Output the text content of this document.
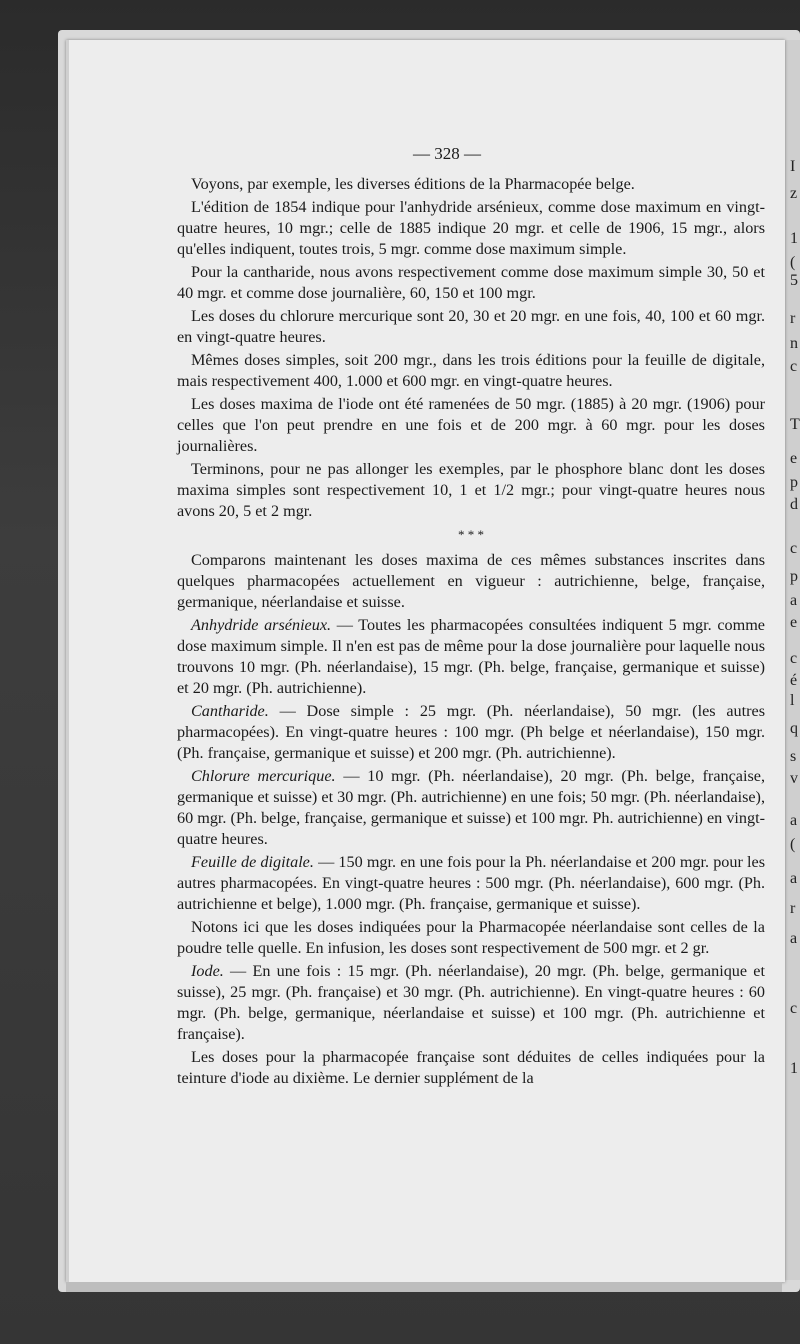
I
z
1
(
5
r
n
c
T
e
p
d
c
p
a
e
c
é
l
q
s
v
a
(
a
r
a
c
1
— 328 —

Voyons, par exemple, les diverses éditions de la Pharmacopée belge.

L'édition de 1854 indique pour l'anhydride arsénieux, comme dose maximum en vingt-quatre heures, 10 mgr.; celle de 1885 indique 20 mgr. et celle de 1906, 15 mgr., alors qu'elles indiquent, toutes trois, 5 mgr. comme dose maximum simple.

Pour la cantharide, nous avons respectivement comme dose maximum simple 30, 50 et 40 mgr. et comme dose journalière, 60, 150 et 100 mgr.

Les doses du chlorure mercurique sont 20, 30 et 20 mgr. en une fois, 40, 100 et 60 mgr. en vingt-quatre heures.

Mêmes doses simples, soit 200 mgr., dans les trois éditions pour la feuille de digitale, mais respectivement 400, 1.000 et 600 mgr. en vingt-quatre heures.

Les doses maxima de l'iode ont été ramenées de 50 mgr. (1885) à 20 mgr. (1906) pour celles que l'on peut prendre en une fois et de 200 mgr. à 60 mgr. pour les doses journalières.

Terminons, pour ne pas allonger les exemples, par le phosphore blanc dont les doses maxima simples sont respectivement 10, 1 et 1/2 mgr.; pour vingt-quatre heures nous avons 20, 5 et 2 mgr.

* * *

Comparons maintenant les doses maxima de ces mêmes substances inscrites dans quelques pharmacopées actuellement en vigueur : autrichienne, belge, française, germanique, néerlandaise et suisse.

Anhydride arsénieux. — Toutes les pharmacopées consultées indiquent 5 mgr. comme dose maximum simple. Il n'en est pas de même pour la dose journalière pour laquelle nous trouvons 10 mgr. (Ph. néerlandaise), 15 mgr. (Ph. belge, française, germanique et suisse) et 20 mgr. (Ph. autrichienne).

Cantharide. — Dose simple : 25 mgr. (Ph. néerlandaise), 50 mgr. (les autres pharmacopées). En vingt-quatre heures : 100 mgr. (Ph belge et néerlandaise), 150 mgr. (Ph. française, germanique et suisse) et 200 mgr. (Ph. autrichienne).

Chlorure mercurique. — 10 mgr. (Ph. néerlandaise), 20 mgr. (Ph. belge, française, germanique et suisse) et 30 mgr. (Ph. autrichienne) en une fois; 50 mgr. (Ph. néerlandaise), 60 mgr. (Ph. belge, française, germanique et suisse) et 100 mgr. Ph. autrichienne) en vingt-quatre heures.

Feuille de digitale. — 150 mgr. en une fois pour la Ph. néerlandaise et 200 mgr. pour les autres pharmacopées. En vingt-quatre heures : 500 mgr. (Ph. néerlandaise), 600 mgr. (Ph. autrichienne et belge), 1.000 mgr. (Ph. française, germanique et suisse).

Notons ici que les doses indiquées pour la Pharmacopée néerlandaise sont celles de la poudre telle quelle. En infusion, les doses sont respectivement de 500 mgr. et 2 gr.

Iode. — En une fois : 15 mgr. (Ph. néerlandaise), 20 mgr. (Ph. belge, germanique et suisse), 25 mgr. (Ph. française) et 30 mgr. (Ph. autrichienne). En vingt-quatre heures : 60 mgr. (Ph. belge, germanique, néerlandaise et suisse) et 100 mgr. (Ph. autrichienne et française).

Les doses pour la pharmacopée française sont déduites de celles indiquées pour la teinture d'iode au dixième. Le dernier supplément de la
